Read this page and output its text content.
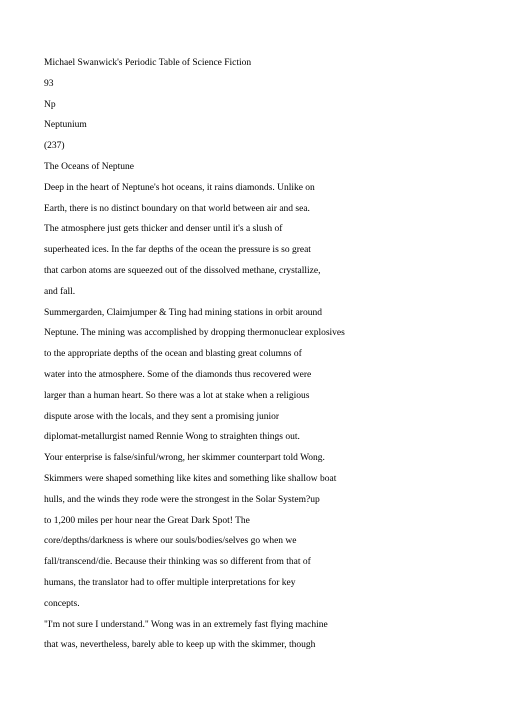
Michael Swanwick's Periodic Table of Science Fiction
93
Np
Neptunium
(237)
The Oceans of Neptune
Deep in the heart of Neptune's hot oceans, it rains diamonds. Unlike on
Earth, there is no distinct boundary on that world between air and sea.
The atmosphere just gets thicker and denser until it's a slush of
superheated ices. In the far depths of the ocean the pressure is so great
that carbon atoms are squeezed out of the dissolved methane, crystallize,
and fall.
Summergarden, Claimjumper & Ting had mining stations in orbit around
Neptune. The mining was accomplished by dropping thermonuclear explosives
to the appropriate depths of the ocean and blasting great columns of
water into the atmosphere. Some of the diamonds thus recovered were
larger than a human heart. So there was a lot at stake when a religious
dispute arose with the locals, and they sent a promising junior
diplomat-metallurgist named Rennie Wong to straighten things out.
Your enterprise is false/sinful/wrong, her skimmer counterpart told Wong.
Skimmers were shaped something like kites and something like shallow boat
hulls, and the winds they rode were the strongest in the Solar System?up
to 1,200 miles per hour near the Great Dark Spot! The
core/depths/darkness is where our souls/bodies/selves go when we
fall/transcend/die. Because their thinking was so different from that of
humans, the translator had to offer multiple interpretations for key
concepts.
"I'm not sure I understand." Wong was in an extremely fast flying machine
that was, nevertheless, barely able to keep up with the skimmer, though
